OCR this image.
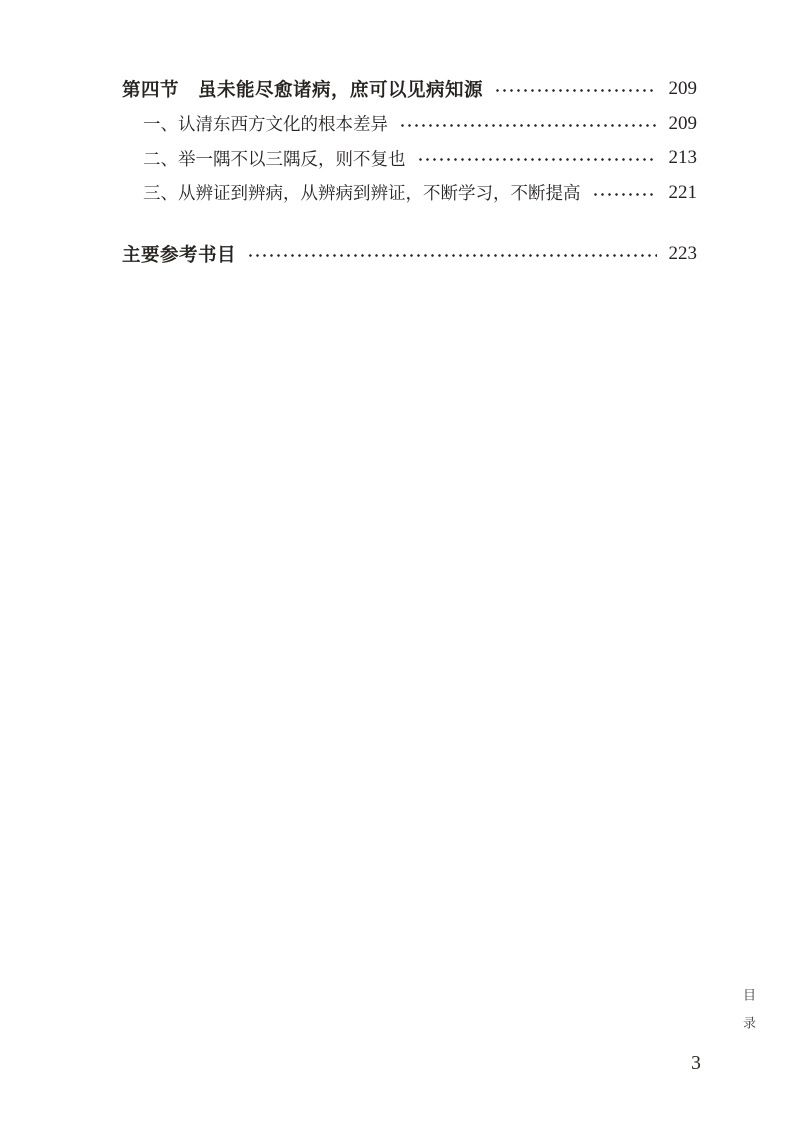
第四节　虽未能尽愈诸病，庶可以见病知源	209
一、认清东西方文化的根本差异	209
二、举一隅不以三隅反，则不复也	213
三、从辨证到辨病，从辨病到辨证，不断学习，不断提高	221
主要参考书目	223
目录
3
